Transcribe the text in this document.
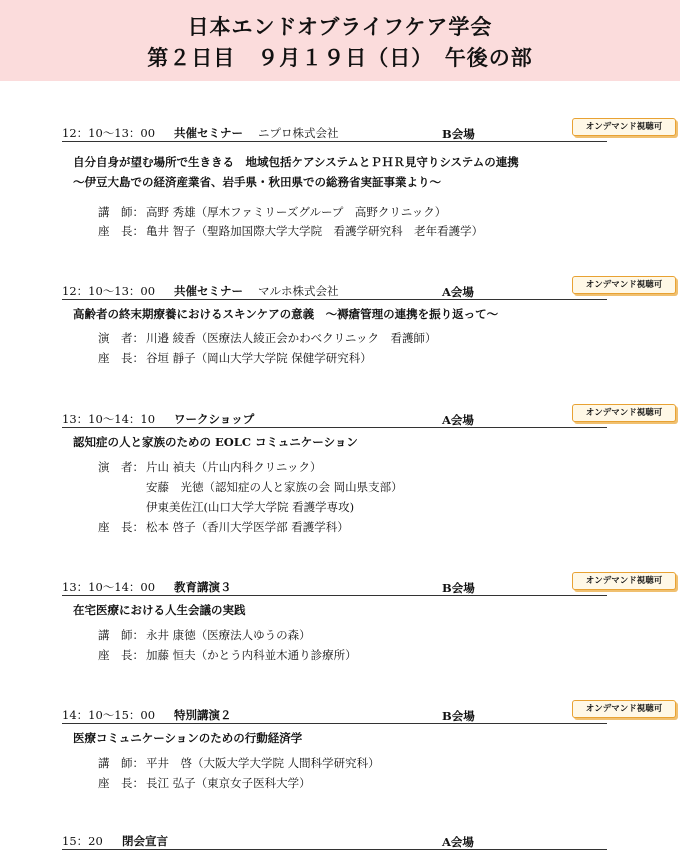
日本エンドオブライフケア学会
第２日目　９月１９日（日）　午後の部
12：10〜13：00 共催セミナー ニプロ株式会社	B会場	オンデマンド視聴可
自分自身が望む場所で生ききる　地域包括ケアシステムとＰＨＲ見守りシステムの連携
〜伊豆大島での経済産業省、岩手県・秋田県での総務省実証事業より〜
講　師： 高野 秀雄（厚木ファミリーズグループ　高野クリニック）
座　長： 亀井 智子（聖路加国際大学大学院　看護学研究科　老年看護学）
12：10〜13：00 共催セミナー マルホ株式会社	A会場	オンデマンド視聴可
高齢者の終末期療養におけるスキンケアの意義　〜褥瘡管理の連携を振り返って〜
演　者： 川邉 綾香（医療法人綾正会かわべクリニック　看護師）
座　長： 谷垣 靜子（岡山大学大学院 保健学研究科）
13：10〜14：10 ワークショップ	A会場	オンデマンド視聴可
認知症の人と家族のための EOLC コミュニケーション
演　者： 片山 禎夫（片山内科クリニック）
安藤　光徳（認知症の人と家族の会 岡山県支部）
伊東美佐江(山口大学大学院 看護学専攻)
座　長： 松本 啓子（香川大学医学部 看護学科）
13：10〜14：00 教育講演３	B会場	オンデマンド視聴可
在宅医療における人生会議の実践
講　師： 永井 康徳（医療法人ゆうの森）
座　長： 加藤 恒夫（かとう内科並木通り診療所）
14：10〜15：00 特別講演２	B会場	オンデマンド視聴可
医療コミュニケーションのための行動経済学
講　師： 平井　啓（大阪大学大学院 人間科学研究科）
座　長： 長江 弘子（東京女子医科大学）
15：20 閉会宣言	A会場
